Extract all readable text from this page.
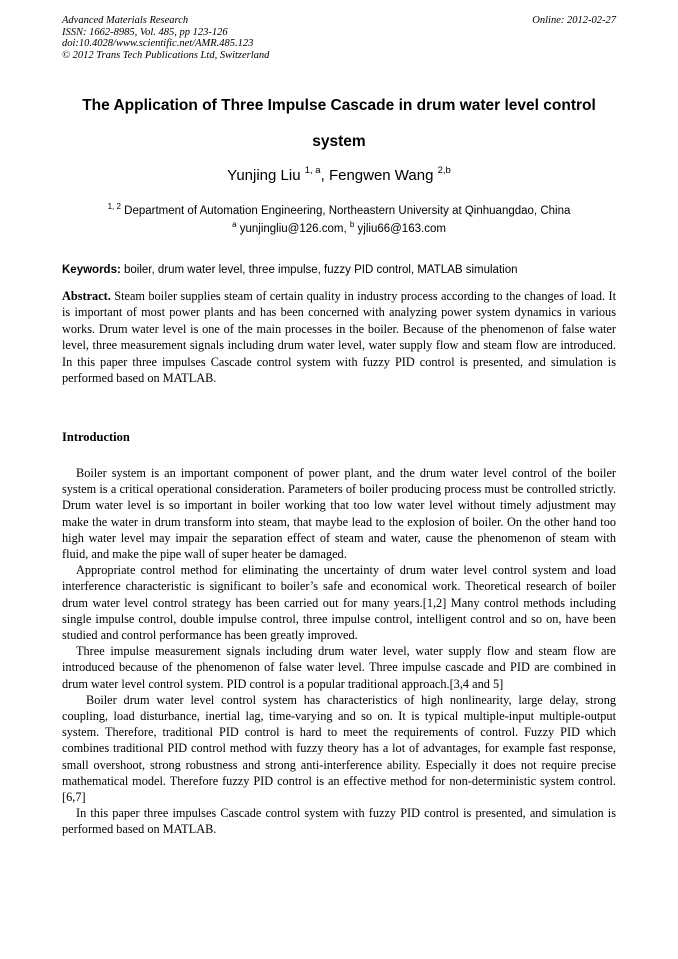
Advanced Materials Research
ISSN: 1662-8985, Vol. 485, pp 123-126
doi:10.4028/www.scientific.net/AMR.485.123
© 2012 Trans Tech Publications Ltd, Switzerland
Online: 2012-02-27
The Application of Three Impulse Cascade in drum water level control
system
Yunjing Liu $^{1, a}$, Fengwen Wang $^{2,b}$
$^{1, 2}$ Department of Automation Engineering, Northeastern University at Qinhuangdao, China
$^a$ yunjingliu@126.com, $^b$ yjliu66@163.com
Keywords: boiler, drum water level, three impulse, fuzzy PID control, MATLAB simulation
Abstract. Steam boiler supplies steam of certain quality in industry process according to the changes of load. It is important of most power plants and has been concerned with analyzing power system dynamics in various works. Drum water level is one of the main processes in the boiler. Because of the phenomenon of false water level, three measurement signals including drum water level, water supply flow and steam flow are introduced. In this paper three impulses Cascade control system with fuzzy PID control is presented, and simulation is performed based on MATLAB.
Introduction

Boiler system is an important component of power plant, and the drum water level control of the boiler system is a critical operational consideration. Parameters of boiler producing process must be controlled strictly. Drum water level is so important in boiler working that too low water level without timely adjustment may make the water in drum transform into steam, that maybe lead to the explosion of boiler. On the other hand too high water level may impair the separation effect of steam and water, cause the phenomenon of steam with fluid, and make the pipe wall of super heater be damaged.

Appropriate control method for eliminating the uncertainty of drum water level control system and load interference characteristic is significant to boiler’s safe and economical work. Theoretical research of boiler drum water level control strategy has been carried out for many years.[1,2] Many control methods including single impulse control, double impulse control, three impulse control, intelligent control and so on, have been studied and control performance has been greatly improved.

Three impulse measurement signals including drum water level, water supply flow and steam flow are introduced because of the phenomenon of false water level. Three impulse cascade and PID are combined in drum water level control system. PID control is a popular traditional approach.[3,4 and 5]

Boiler drum water level control system has characteristics of high nonlinearity, large delay, strong coupling, load disturbance, inertial lag, time-varying and so on. It is typical multiple-input multiple-output system. Therefore, traditional PID control is hard to meet the requirements of control. Fuzzy PID which combines traditional PID control method with fuzzy theory has a lot of advantages, for example fast response, small overshoot, strong robustness and strong anti-interference ability. Especially it does not require precise mathematical model. Therefore fuzzy PID control is an effective method for non-deterministic system control. [6,7]

In this paper three impulses Cascade control system with fuzzy PID control is presented, and simulation is performed based on MATLAB.
